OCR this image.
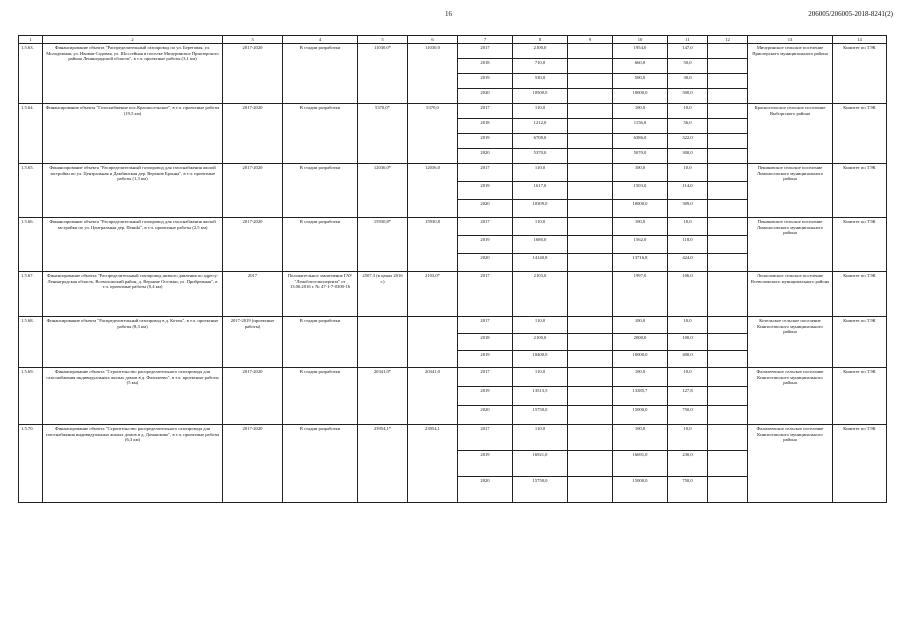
16	206005/206005-2018-8241(2)
1	2	3	4	5	6	7	8	9	10	11	12	13	14
1.5.63.	Финансирование объекта "Распределительный газопровод по ул. Береговая, ул. Молодежная, ул. Ивовая-Садовая, ул. Шоссейная в поселке Мичуринское Приозерского района Ленинградской области", в т.ч. проектные работы (3,1 км)	2017-2020	В стадии разработки	11030,0*	11030,0	2017	2100,0		1954,0	147,0		Мичуринское сельское поселение Приозерского муниципального района	Комитет по ТЭК
						2018	710,0		660,0	50,0			
						2019	530,0		500,0	30,0			
						2020	10500,0		10000,0	500,0			
1.5.64.	Финансирование объекта "Газоснабжение пос.Красносельское", в т.ч. проектные работы (19,5 км)	2017-2020	В стадии разработки	5370,0*	5370,0	2017	110,0		100,0	10,0		Красносельское сельское поселение Выборгского района	Комитет по ТЭК
						2018	1212,0		1156,0	56,0			
						2019	6708,0		6386,0	322,0			
						2020	5370,0		5070,0	300,0			
1.5.65.	Финансирование объекта "Распределительный газопровод для газоснабжения жилой застройки по ул. Центральная и Дамбинская дер. Верхние Бронна", в т.ч. проектные работы (1,3 км)	2017-2020	В стадии разработки	12036,0*	12036,0	2017	110,0		100,0	10,0		Пениковское сельское поселение Ломоносовского муниципального района	Комитет по ТЭК
						2019	1617,0		1503,0	114,0			
						2020	10309,0		10000,0	309,0			
1.5.66.	Финансирование объекта "Распределительный газопровод для газоснабжения жилой застройки по ул. Центральная дер. Пениki", в т.ч. проектные работы (2,5 км)	2017-2020	В стадии разработки	15930,8*	15930,8	2017	110,0		100,0	10,0		Пениковское сельское поселение Ломоносовского муниципального района	Комитет по ТЭК
						2019	1680,0		1562,0	118,0			
						2020	14140,8		13716,8	424,0			
1.5.67.	Финансирование объекта "Распределительный газопровод низкого давления по адресу: Ленинградская область, Всеволожский район, д. Верхние Осельки, ул. Прибрежная", в т.ч. проектные работы (0,4 км)	2017	Положительное заключение ГАУ "Леноблгосэкспертиза" от 13.06.2016 г. № 47-1-7-0300-16	2507,3 (в ценах 2016 г.)	2103,0*	2017	2103,0		1997,0	106,0		Лесколовское сельское поселение Всеволожского муниципального района	Комитет по ТЭК
1.5.68.	Финансирование объекта "Распределительный газопровод в д. Котлы", в т.ч. проектные работы (8,3 км)	2017-2019 (проектные работы)	В стадии разработки			2017	110,0		100,0	10,0		Котельское сельское поселение Кингисеппского муниципального района	Комитет по ТЭК
						2018	2100,0		2000,0	100,0			
						2019	10400,0		10000,0	400,0			
1.5.69.	Финансирование объекта "Строительство распределительного газопровода для газоснабжения индивидуальных жилых домов в д. Фалилеево", в т.ч. проектные работы (5 км)	2017-2020	В стадии разработки	20341,0*	20341,0	2017	110,0		100,0	10,0		Фалилеевское сельское поселение Кингисеппского муниципального района	Комитет по ТЭК
						2019	13513,5		13385,7	127,8			
						2020	15750,0		15000,0	750,0			
1.5.70.	Финансирование объекта "Строительство распределительного газопровода для газоснабжения индивидуальных жилых домов в д. Домашково", в т.ч. проектные работы (6,3 км)	2017-2020	В стадии разработки	23954,1*	23954,1	2017	110,0		100,0	10,0		Фалилеевское сельское поселение Кингисеппского муниципального района	Комитет по ТЭК
						2019	16921,0		16691,0	230,0			
						2020	15750,0		15000,0	750,0			
